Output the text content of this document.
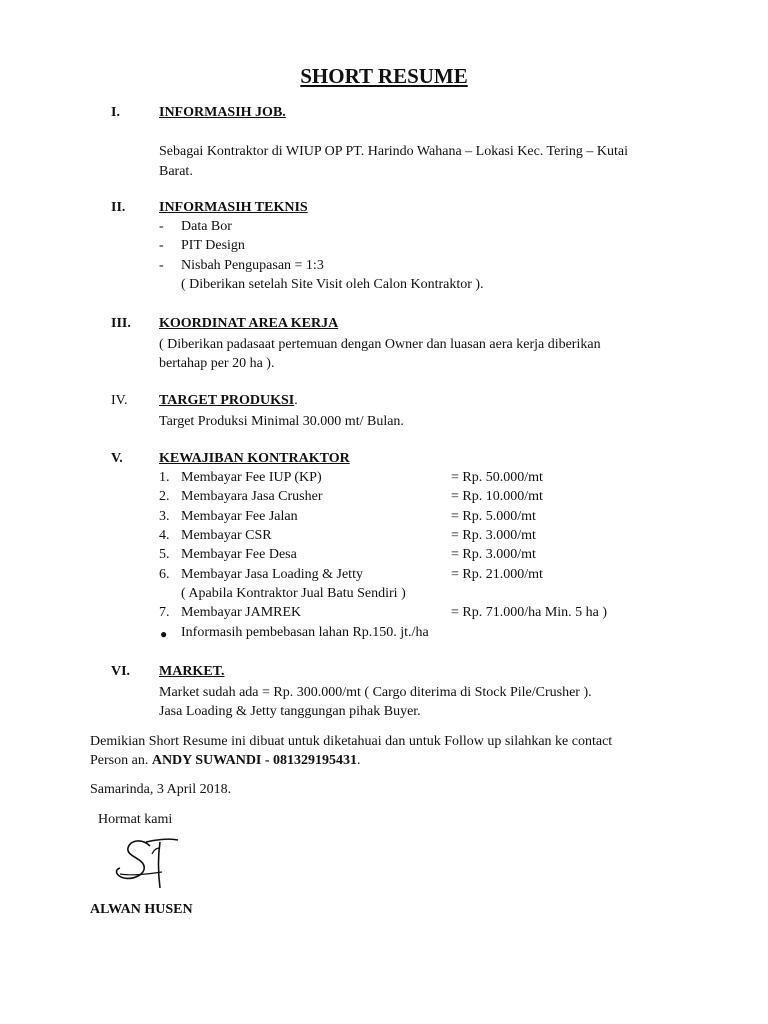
SHORT RESUME
I.	INFORMASIH JOB.
Sebagai Kontraktor di WIUP OP PT. Harindo Wahana – Lokasi Kec. Tering – Kutai
Barat.
II. INFORMASIH TEKNIS
- Data Bor
- PIT Design
- Nisbah Pengupasan = 1:3
( Diberikan setelah Site Visit oleh Calon Kontraktor ).
III. KOORDINAT AREA KERJA
( Diberikan padasaat pertemuan dengan Owner dan luasan aera kerja diberikan
bertahap per 20 ha ).
IV. TARGET PRODUKSI.
Target Produksi Minimal 30.000 mt/ Bulan.
V.	KEWAJIBAN KONTRAKTOR
1. Membayar Fee IUP (KP)	= Rp. 50.000/mt
2. Membayara Jasa Crusher	= Rp. 10.000/mt
3. Membayar Fee Jalan	= Rp. 5.000/mt
4. Membayar CSR	= Rp. 3.000/mt
5. Membayar Fee Desa	= Rp. 3.000/mt
6. Membayar Jasa Loading & Jetty	= Rp. 21.000/mt
( Apabila Kontraktor Jual Batu Sendiri )
7. Membayar JAMREK	= Rp. 71.000/ha Min. 5 ha )
● Informasih pembebasan lahan Rp.150. jt./ha
VI. MARKET.
Market sudah ada = Rp. 300.000/mt ( Cargo diterima di Stock Pile/Crusher ).
Jasa Loading & Jetty tanggungan pihak Buyer.
Demikian Short Resume ini dibuat untuk diketahuai dan untuk Follow up silahkan ke contact
Person an. ANDY SUWANDI - 081329195431.
Samarinda, 3 April 2018.
Hormat kami
ALWAN HUSEN
